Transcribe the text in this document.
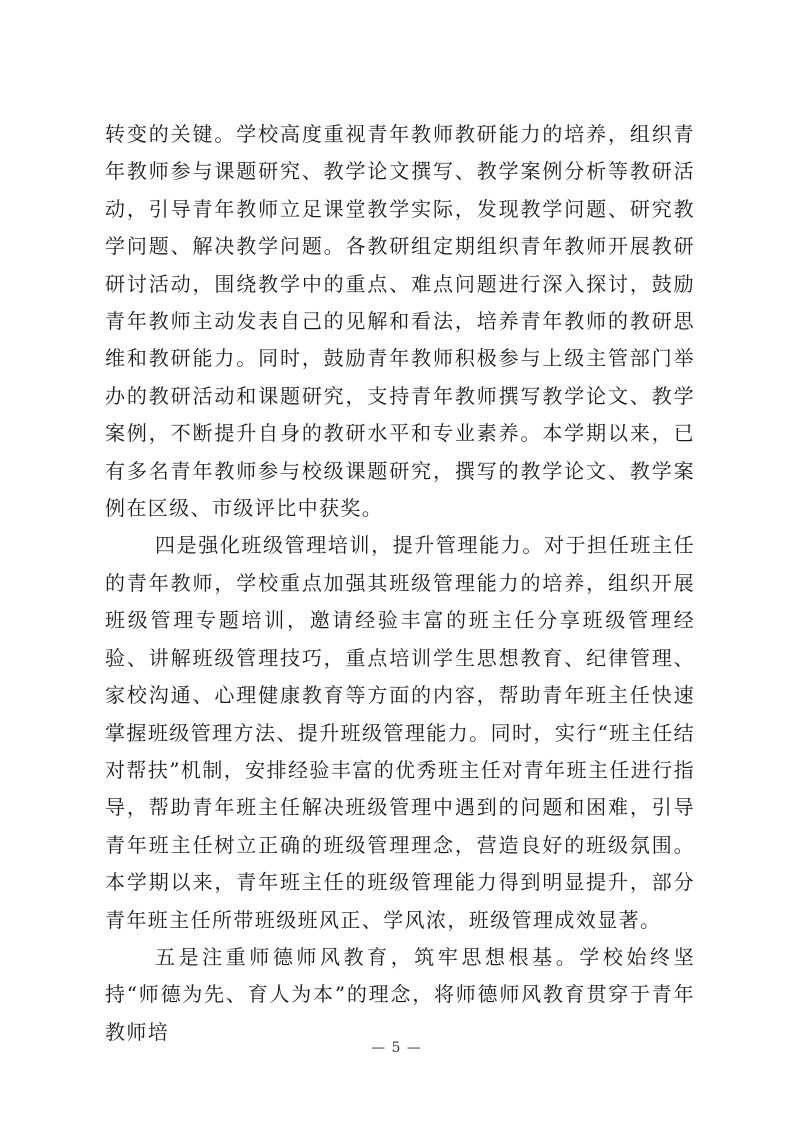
转变的关键。学校高度重视青年教师教研能力的培养，组织青年教师参与课题研究、教学论文撰写、教学案例分析等教研活动，引导青年教师立足课堂教学实际，发现教学问题、研究教学问题、解决教学问题。各教研组定期组织青年教师开展教研研讨活动，围绕教学中的重点、难点问题进行深入探讨，鼓励青年教师主动发表自己的见解和看法，培养青年教师的教研思维和教研能力。同时，鼓励青年教师积极参与上级主管部门举办的教研活动和课题研究，支持青年教师撰写教学论文、教学案例，不断提升自身的教研水平和专业素养。本学期以来，已有多名青年教师参与校级课题研究，撰写的教学论文、教学案例在区级、市级评比中获奖。

四是强化班级管理培训，提升管理能力。对于担任班主任的青年教师，学校重点加强其班级管理能力的培养，组织开展班级管理专题培训，邀请经验丰富的班主任分享班级管理经验、讲解班级管理技巧，重点培训学生思想教育、纪律管理、家校沟通、心理健康教育等方面的内容，帮助青年班主任快速掌握班级管理方法、提升班级管理能力。同时，实行“班主任结对帮扶”机制，安排经验丰富的优秀班主任对青年班主任进行指导，帮助青年班主任解决班级管理中遇到的问题和困难，引导青年班主任树立正确的班级管理理念，营造良好的班级氛围。本学期以来，青年班主任的班级管理能力得到明显提升，部分青年班主任所带班级班风正、学风浓，班级管理成效显著。

五是注重师德师风教育，筑牢思想根基。学校始终坚持“师德为先、育人为本”的理念，将师德师风教育贯穿于青年教师培

— 5 —
